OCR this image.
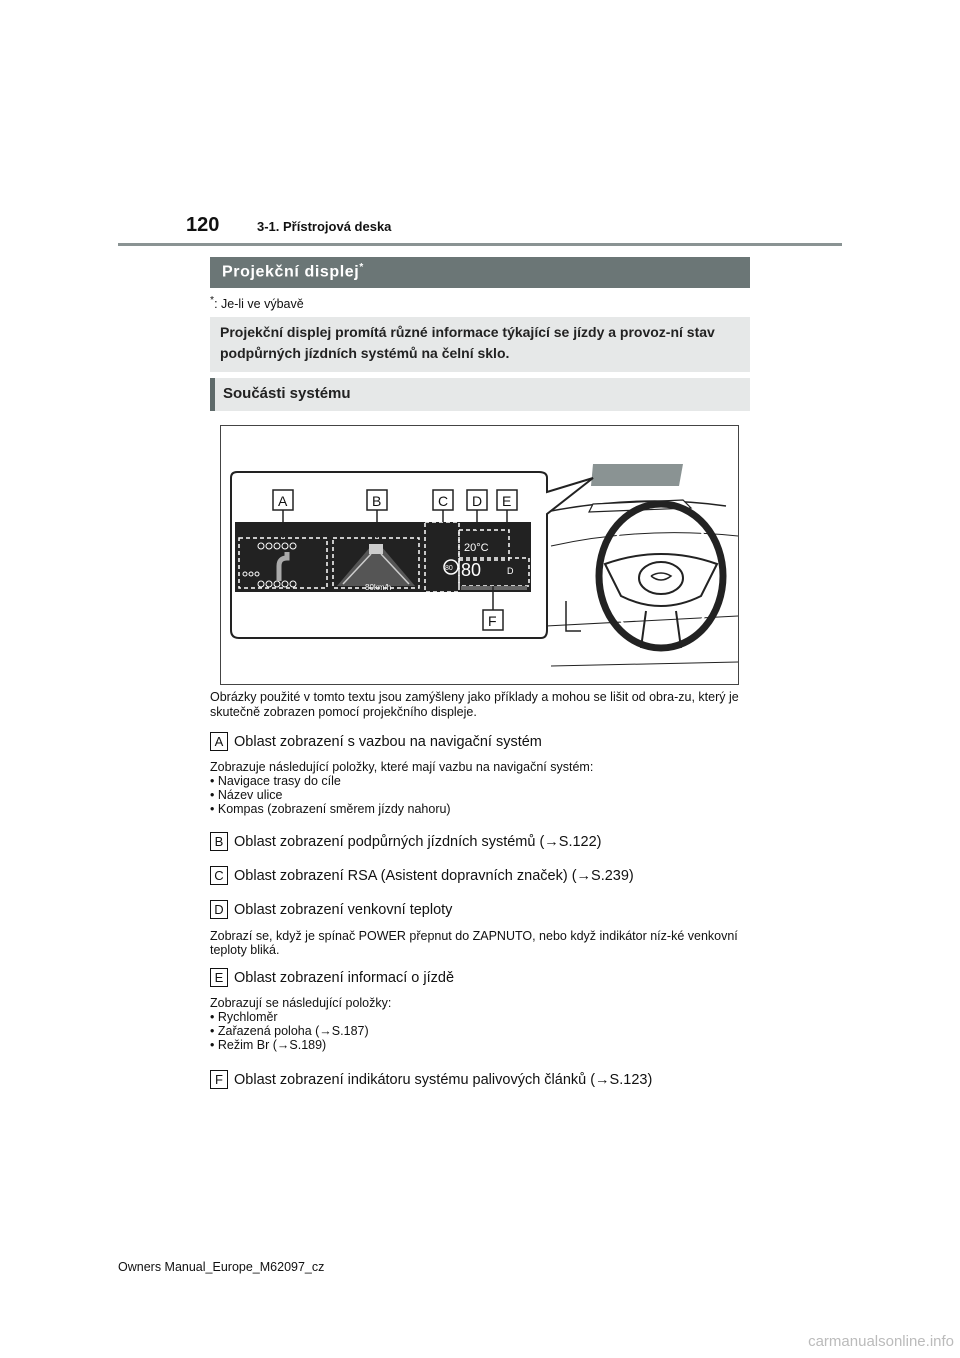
120	3-1. Přístrojová deska
Projekční displej*
*: Je-li ve výbavě
Projekční displej promítá různé informace týkající se jízdy a provoz-ní stav podpůrných jízdních systémů na čelní sklo.
Součásti systému
80km/h
20°C
80 80	D
A	B	C D E
F
Obrázky použité v tomto textu jsou zamýšleny jako příklady a mohou se lišit od obra-zu, který je skutečně zobrazen pomocí projekčního displeje.
A Oblast zobrazení s vazbou na navigační systém
Zobrazuje následující položky, které mají vazbu na navigační systém:
• Navigace trasy do cíle
• Název ulice
• Kompas (zobrazení směrem jízdy nahoru)
B Oblast zobrazení podpůrných jízdních systémů (→S.122)
C Oblast zobrazení RSA (Asistent dopravních značek) (→S.239)
D Oblast zobrazení venkovní teploty
Zobrazí se, když je spínač POWER přepnut do ZAPNUTO, nebo když indikátor níz-ké venkovní teploty bliká.
E Oblast zobrazení informací o jízdě
Zobrazují se následující položky:
• Rychloměr
• Zařazená poloha (→S.187)
• Režim Br (→S.189)
F Oblast zobrazení indikátoru systému palivových článků (→S.123)
Owners Manual_Europe_M62097_cz
carmanualsonline.info
